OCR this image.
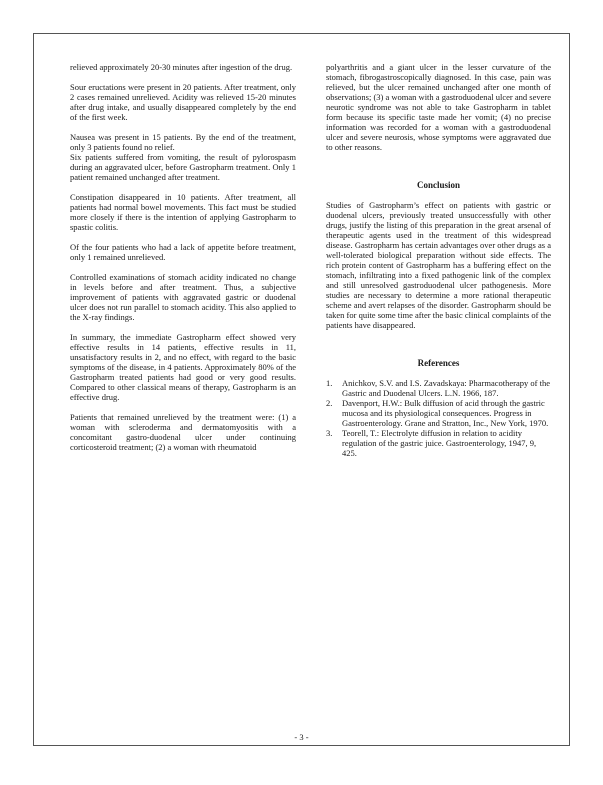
relieved approximately 20-30 minutes after ingestion of the drug.

Sour eructations were present in 20 patients. After treatment, only 2 cases remained unrelieved. Acidity was relieved 15-20 minutes after drug intake, and usually disappeared completely by the end of the first week.

Nausea was present in 15 patients. By the end of the treatment, only 3 patients found no relief.

Six patients suffered from vomiting, the result of pylorospasm during an aggravated ulcer, before Gastropharm treatment. Only 1 patient remained unchanged after treatment.

Constipation disappeared in 10 patients. After treatment, all patients had normal bowel movements. This fact must be studied more closely if there is the intention of applying Gastropharm to spastic colitis.

Of the four patients who had a lack of appetite before treatment, only 1 remained unrelieved.

Controlled examinations of stomach acidity indicated no change in levels before and after treatment. Thus, a subjective improvement of patients with aggravated gastric or duodenal ulcer does not run parallel to stomach acidity. This also applied to the X-ray findings.

In summary, the immediate Gastropharm effect showed very effective results in 14 patients, effective results in 11, unsatisfactory results in 2, and no effect, with regard to the basic symptoms of the disease, in 4 patients. Approximately 80% of the Gastropharm treated patients had good or very good results. Compared to other classical means of therapy, Gastropharm is an effective drug.

Patients that remained unrelieved by the treatment were: (1) a woman with scleroderma and dermatomyositis with a concomitant gastro-duodenal ulcer under continuing corticosteroid treatment; (2) a woman with rheumatoid

polyarthritis and a giant ulcer in the lesser curvature of the stomach, fibrogastroscopically diagnosed. In this case, pain was relieved, but the ulcer remained unchanged after one month of observations; (3) a woman with a gastroduodenal ulcer and severe neurotic syndrome was not able to take Gastropharm in tablet form because its specific taste made her vomit; (4) no precise information was recorded for a woman with a gastroduodenal ulcer and severe neurosis, whose symptoms were aggravated due to other reasons.

Conclusion

Studies of Gastropharm’s effect on patients with gastric or duodenal ulcers, previously treated unsuccessfully with other drugs, justify the listing of this preparation in the great arsenal of therapeutic agents used in the treatment of this widespread disease. Gastropharm has certain advantages over other drugs as a well-tolerated biological preparation without side effects. The rich protein content of Gastropharm has a buffering effect on the stomach, infiltrating into a fixed pathogenic link of the complex and still unresolved gastroduodenal ulcer pathogenesis. More studies are necessary to determine a more rational therapeutic scheme and avert relapses of the disorder. Gastropharm should be taken for quite some time after the basic clinical complaints of the patients have disappeared.

References
1.	Anichkov, S.V. and I.S. Zavadskaya: Pharmacotherapy of the Gastric and Duodenal Ulcers. L.N. 1966, 187.
2.	Davenport, H.W.: Bulk diffusion of acid through the gastric mucosa and its physiological consequences. Progress in Gastroenterology. Grane and Stratton, Inc., New York, 1970.
3.	Teorell, T.: Electrolyte diffusion in relation to acidity regulation of the gastric juice. Gastroenterology, 1947, 9, 425.
- 3 -
